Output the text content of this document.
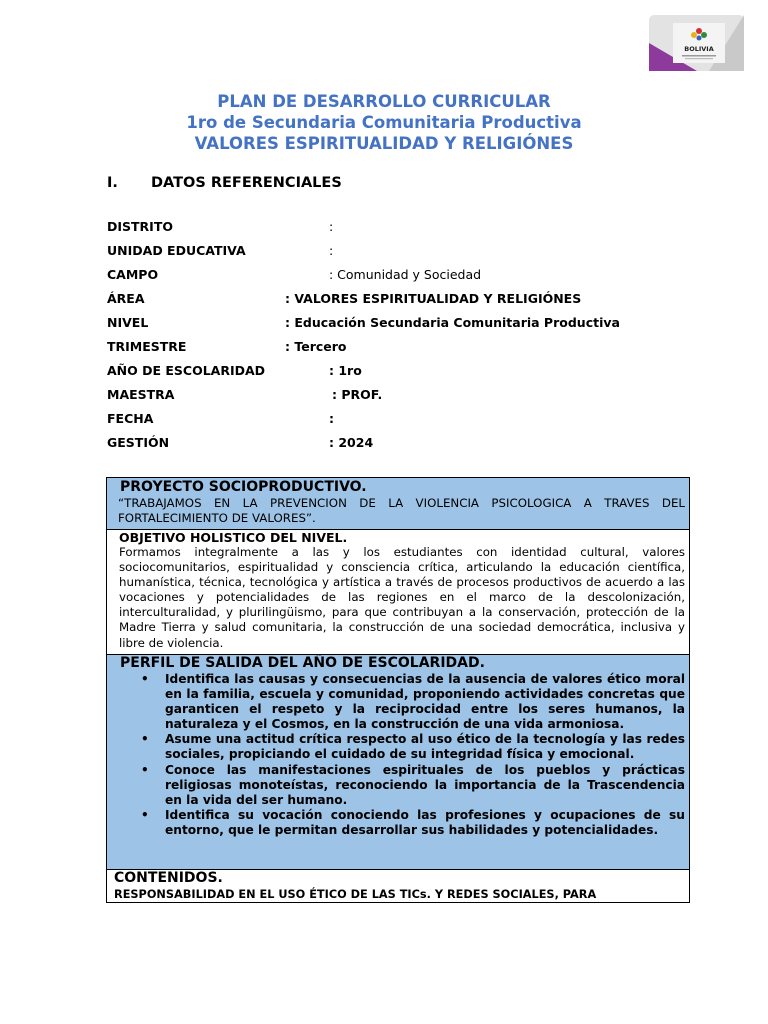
BOLIVIA
PLAN DE DESARROLLO CURRICULAR
1ro de Secundaria Comunitaria Productiva
VALORES ESPIRITUALIDAD Y RELIGIÓNES
I. DATOS REFERENCIALES
DISTRITO	:
UNIDAD EDUCATIVA	:
CAMPO	: Comunidad y Sociedad
ÁREA	: VALORES ESPIRITUALIDAD Y RELIGIÓNES
NIVEL	: Educación Secundaria Comunitaria Productiva
TRIMESTRE	: Tercero
AÑO DE ESCOLARIDAD	: 1ro
MAESTRA	: PROF.
FECHA	:
GESTIÓN	: 2024
PROYECTO SOCIOPRODUCTIVO.
“TRABAJAMOS EN LA PREVENCION DE LA VIOLENCIA PSICOLOGICA A TRAVES DEL FORTALECIMIENTO DE VALORES”.
OBJETIVO HOLISTICO DEL NIVEL.
Formamos integralmente a las y los estudiantes con identidad cultural, valores sociocomunitarios, espiritualidad y consciencia crítica, articulando la educación científica, humanística, técnica, tecnológica y artística a través de procesos productivos de acuerdo a las vocaciones y potencialidades de las regiones en el marco de la descolonización, interculturalidad, y plurilingüismo, para que contribuyan a la conservación, protección de la Madre Tierra y salud comunitaria, la construcción de una sociedad democrática, inclusiva y libre de violencia.
PERFIL DE SALIDA DEL AÑO DE ESCOLARIDAD.
• Identifica las causas y consecuencias de la ausencia de valores ético moral en la familia, escuela y comunidad, proponiendo actividades concretas que garanticen el respeto y la reciprocidad entre los seres humanos, la naturaleza y el Cosmos, en la construcción de una vida armoniosa.
• Asume una actitud crítica respecto al uso ético de la tecnología y las redes sociales, propiciando el cuidado de su integridad física y emocional.
• Conoce las manifestaciones espirituales de los pueblos y prácticas religiosas monoteístas, reconociendo la importancia de la Trascendencia en la vida del ser humano.
• Identifica su vocación conociendo las profesiones y ocupaciones de su entorno, que le permitan desarrollar sus habilidades y potencialidades.
CONTENIDOS.
RESPONSABILIDAD EN EL USO ÉTICO DE LAS TICs. Y REDES SOCIALES, PARA
